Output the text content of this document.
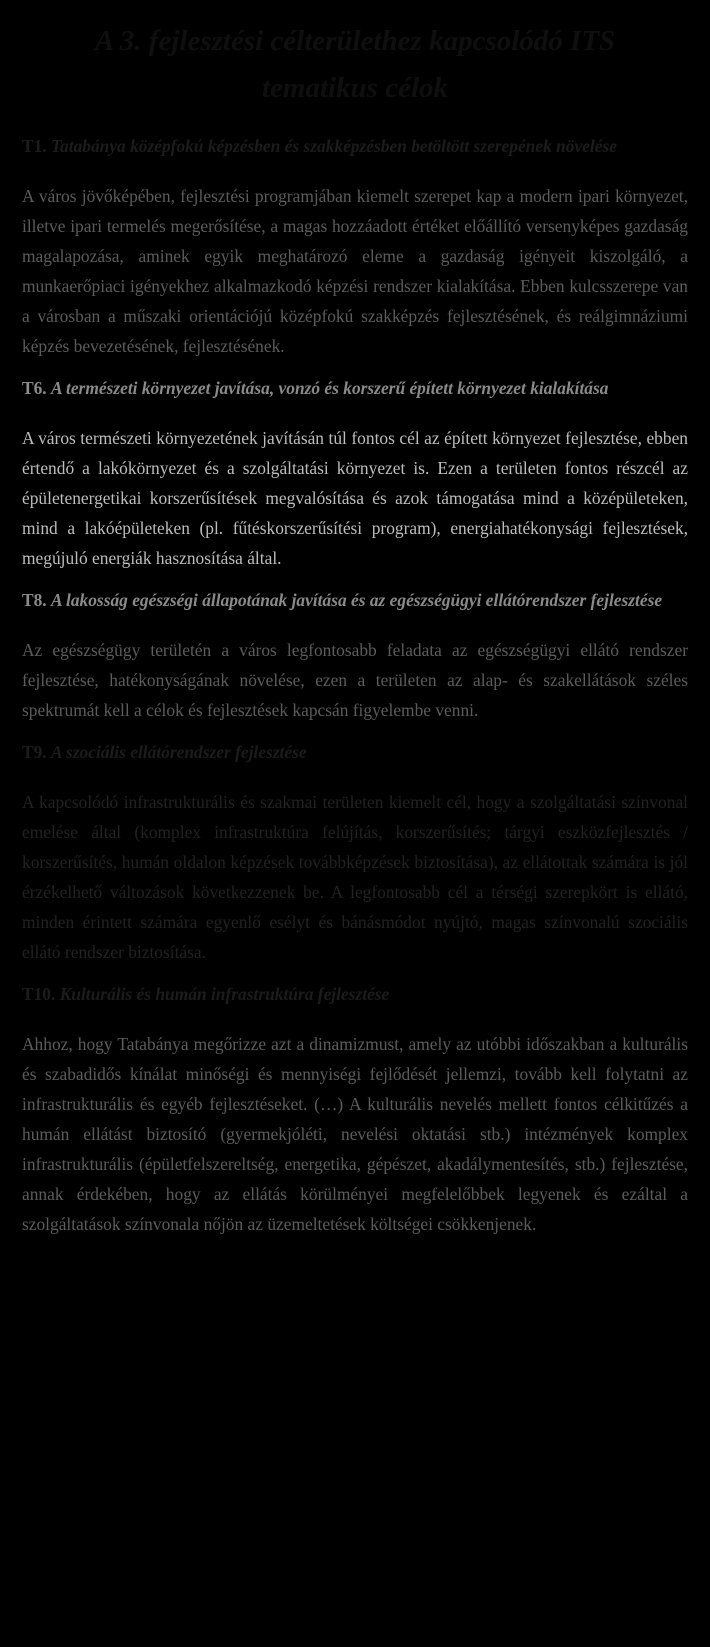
A 3. fejlesztési célterülethez kapcsolódó ITS
tematikus célok

T1. Tatabánya középfokú képzésben és szakképzésben betöltött szerepének növelése

A város jövőképében, fejlesztési programjában kiemelt szerepet kap a modern ipari környezet, illetve ipari termelés megerősítése, a magas hozzáadott értéket előállító versenyképes gazdaság magalapozása, aminek egyik meghatározó eleme a gazdaság igényeit kiszolgáló, a munkaerőpiaci igényekhez alkalmazkodó képzési rendszer kialakítása. Ebben kulcsszerepe van a városban a műszaki orientációjú középfokú szakképzés fejlesztésének, és reálgimnáziumi képzés bevezetésének, fejlesztésének.

T6. A természeti környezet javítása, vonzó és korszerű épített környezet kialakítása

A város természeti környezetének javításán túl fontos cél az épített környezet fejlesztése, ebben értendő a lakókörnyezet és a szolgáltatási környezet is. Ezen a területen fontos részcél az épületenergetikai korszerűsítések megvalósítása és azok támogatása mind a középületeken, mind a lakóépületeken (pl. fűtéskorszerűsítési program), energiahatékonysági fejlesztések, megújuló energiák hasznosítása által.

T8. A lakosság egészségi állapotának javítása és az egészségügyi ellátórendszer fejlesztése

Az egészségügy területén a város legfontosabb feladata az egészségügyi ellátó rendszer fejlesztése, hatékonyságának növelése, ezen a területen az alap- és szakellátások széles spektrumát kell a célok és fejlesztések kapcsán figyelembe venni.

T9. A szociális ellátórendszer fejlesztése

A kapcsolódó infrastrukturális és szakmai területen kiemelt cél, hogy a szolgáltatási színvonal emelése által (komplex infrastruktúra felújítás, korszerűsítés; tárgyi eszközfejlesztés / korszerűsítés, humán oldalon képzések továbbképzések biztosítása), az ellátottak számára is jól érzékelhető változások következzenek be. A legfontosabb cél a térségi szerepkört is ellátó, minden érintett számára egyenlő esélyt és bánásmódot nyújtó, magas színvonalú szociális ellátó rendszer biztosítása.

T10. Kulturális és humán infrastruktúra fejlesztése

Ahhoz, hogy Tatabánya megőrizze azt a dinamizmust, amely az utóbbi időszakban a kulturális és szabadidős kínálat minőségi és mennyiségi fejlődését jellemzi, tovább kell folytatni az infrastrukturális és egyéb fejlesztéseket. (…) A kulturális nevelés mellett fontos célkitűzés a humán ellátást biztosító (gyermekjóléti, nevelési oktatási stb.) intézmények komplex infrastrukturális (épületfelszereltség, energetika, gépészet, akadálymentesítés, stb.) fejlesztése, annak érdekében, hogy az ellátás körülményei megfelelőbbek legyenek és ezáltal a szolgáltatások színvonala nőjön az üzemeltetések költségei csökkenjenek.
